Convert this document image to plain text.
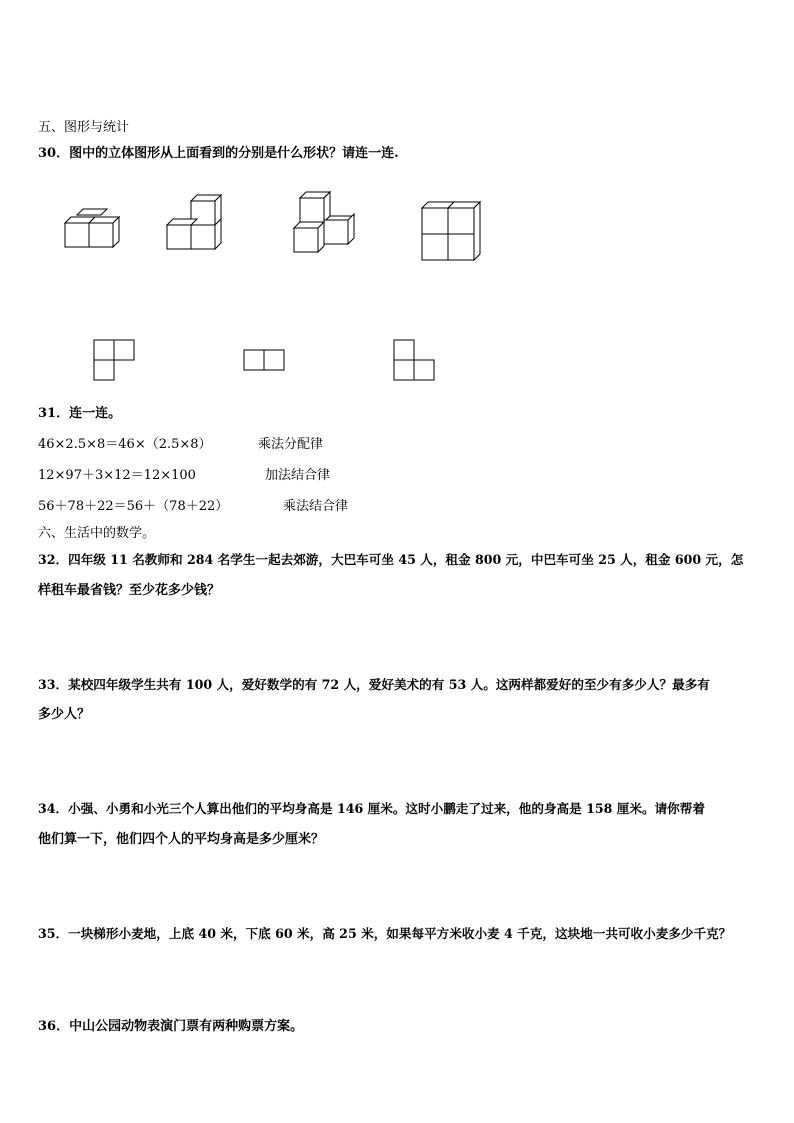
五、图形与统计
30．图中的立体图形从上面看到的分别是什么形状？请连一连.
31．连一连。
46×2.5×8＝46×（2.5×8）	乘法分配律
12×97＋3×12＝12×100	加法结合律
56＋78＋22＝56＋（78＋22）	乘法结合律
六、生活中的数学。
32．四年级 11 名教师和 284 名学生一起去郊游，大巴车可坐 45 人，租金 800 元，中巴车可坐 25 人，租金 600 元，怎
样租车最省钱？至少花多少钱？
33．某校四年级学生共有 100 人，爱好数学的有 72 人，爱好美术的有 53 人。这两样都爱好的至少有多少人？最多有
多少人？
34．小强、小勇和小光三个人算出他们的平均身高是 146 厘米。这时小鹏走了过来，他的身高是 158 厘米。请你帮着
他们算一下，他们四个人的平均身高是多少厘米？
35．一块梯形小麦地，上底 40 米，下底 60 米，高 25 米，如果每平方米收小麦 4 千克，这块地一共可收小麦多少千克？
36．中山公园动物表演门票有两种购票方案。
